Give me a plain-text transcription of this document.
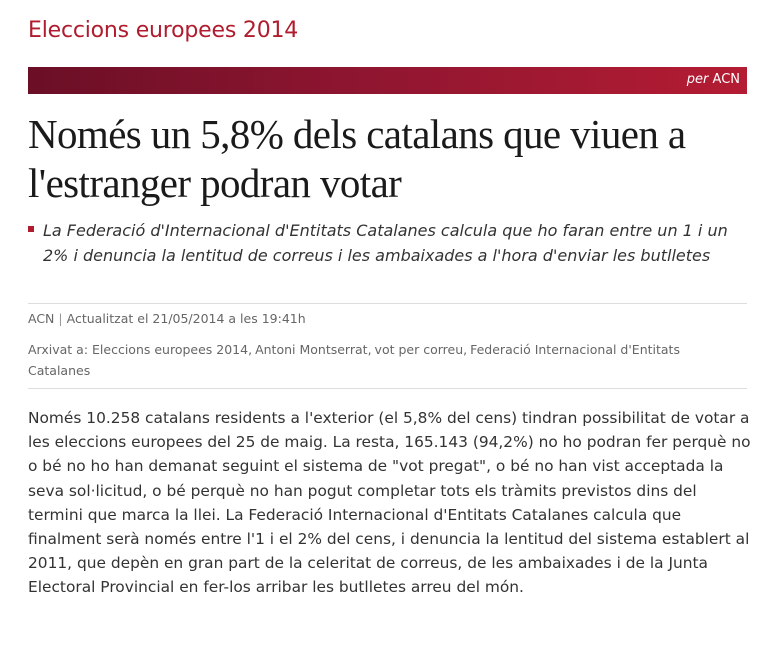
Eleccions europees 2014
per ACN
Només un 5,8% dels catalans que viuen a l'estranger podran votar

La Federació d'Internacional d'Entitats Catalanes calcula que ho faran entre un 1 i un 2% i denuncia la lentitud de correus i les ambaixades a l'hora d'enviar les butlletes

ACN | Actualitzat el 21/05/2014 a les 19:41h

Arxivat a: Eleccions europees 2014, Antoni Montserrat, vot per correu, Federació Internacional d'Entitats Catalanes

Només 10.258 catalans residents a l'exterior (el 5,8% del cens) tindran possibilitat de votar a les eleccions europees del 25 de maig. La resta, 165.143 (94,2%) no ho podran fer perquè no o bé no ho han demanat seguint el sistema de "vot pregat", o bé no han vist acceptada la seva sol·licitud, o bé perquè no han pogut completar tots els tràmits previstos dins del termini que marca la llei. La Federació Internacional d'Entitats Catalanes calcula que finalment serà només entre l'1 i el 2% del cens, i denuncia la lentitud del sistema establert al 2011, que depèn en gran part de la celeritat de correus, de les ambaixades i de la Junta Electoral Provincial en fer-los arribar les butlletes arreu del món.
